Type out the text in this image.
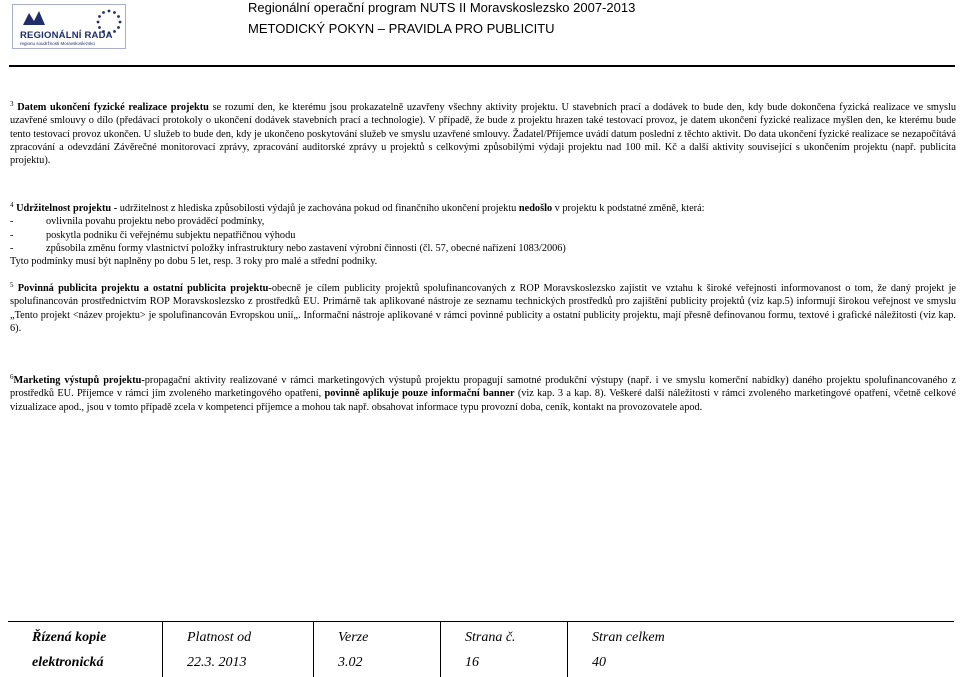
REGIONÁLNÍ RADA
regionu soudržnosti Moravskoslezsko
Regionální operační program NUTS II Moravskoslezsko 2007-2013
METODICKÝ POKYN – PRAVIDLA PRO PUBLICITU

$^3$ Datem ukončení fyzické realizace projektu se rozumí den, ke kterému jsou prokazatelně uzavřeny všechny aktivity projektu. U stavebních prací a dodávek to bude den, kdy bude dokončena fyzická realizace ve smyslu uzavřené smlouvy o dílo (předávací protokoly o ukončení dodávek stavebních prací a technologie). V případě, že bude z projektu hrazen také testovací provoz, je datem ukončení fyzické realizace myšlen den, ke kterému bude tento testovací provoz ukončen. U služeb to bude den, kdy je ukončeno poskytování služeb ve smyslu uzavřené smlouvy. Žadatel/Příjemce uvádí datum poslední z těchto aktivit. Do data ukončení fyzické realizace se nezapočítává zpracování a odevzdání Závěrečné monitorovací zprávy, zpracování auditorské zprávy u projektů s celkovými způsobilými výdaji projektu nad 100 mil. Kč a další aktivity související s ukončením projektu (např. publicita projektu).

$^4$ Udržitelnost projektu - udržitelnost z hlediska způsobilosti výdajů je zachována pokud od finančního ukončení projektu nedošlo v projektu k podstatné změně, která:

-	ovlivnila povahu projektu nebo prováděcí podmínky,
-	poskytla podniku či veřejnému subjektu nepatřičnou výhodu
-	způsobila změnu formy vlastnictví položky infrastruktury nebo zastavení výrobní činnosti (čl. 57, obecné nařízení 1083/2006)

Tyto podmínky musí být naplněny po dobu 5 let, resp. 3 roky pro malé a střední podniky.

$^5$ Povinná publicita projektu a ostatní publicita projektu-obecně je cílem publicity projektů spolufinancovaných z ROP Moravskoslezsko zajistit ve vztahu k široké veřejnosti informovanost o tom, že daný projekt je spolufinancován prostřednictvím ROP Moravskoslezsko z prostředků EU. Primárně tak aplikované nástroje ze seznamu technických prostředků pro zajištění publicity projektů (viz kap.5) informují širokou veřejnost ve smyslu „Tento projekt <název projektu> je spolufinancován Evropskou unií„. Informační nástroje aplikované v rámci povinné publicity a ostatní publicity projektu, mají přesně definovanou formu, textové i grafické náležitosti (viz kap. 6).

$^6$Marketing výstupů projektu-propagační aktivity realizované v rámci marketingových výstupů projektu propagují samotné produkční výstupy (např. i ve smyslu komerční nabídky) daného projektu spolufinancovaného z prostředků EU. Příjemce v rámci jím zvoleného marketingového opatření, povinně aplikuje pouze informační banner (viz kap. 3 a kap. 8). Veškeré další náležitosti v rámci zvoleného marketingové opatření, včetně celkové vizualizace apod., jsou v tomto případě zcela v kompetenci příjemce a mohou tak např. obsahovat informace typu provozní doba, ceník, kontakt na provozovatele apod.

Řízená kopie	Platnost od	Verze	Strana č.	Stran celkem
elektronická	22.3. 2013	3.02	16	40
